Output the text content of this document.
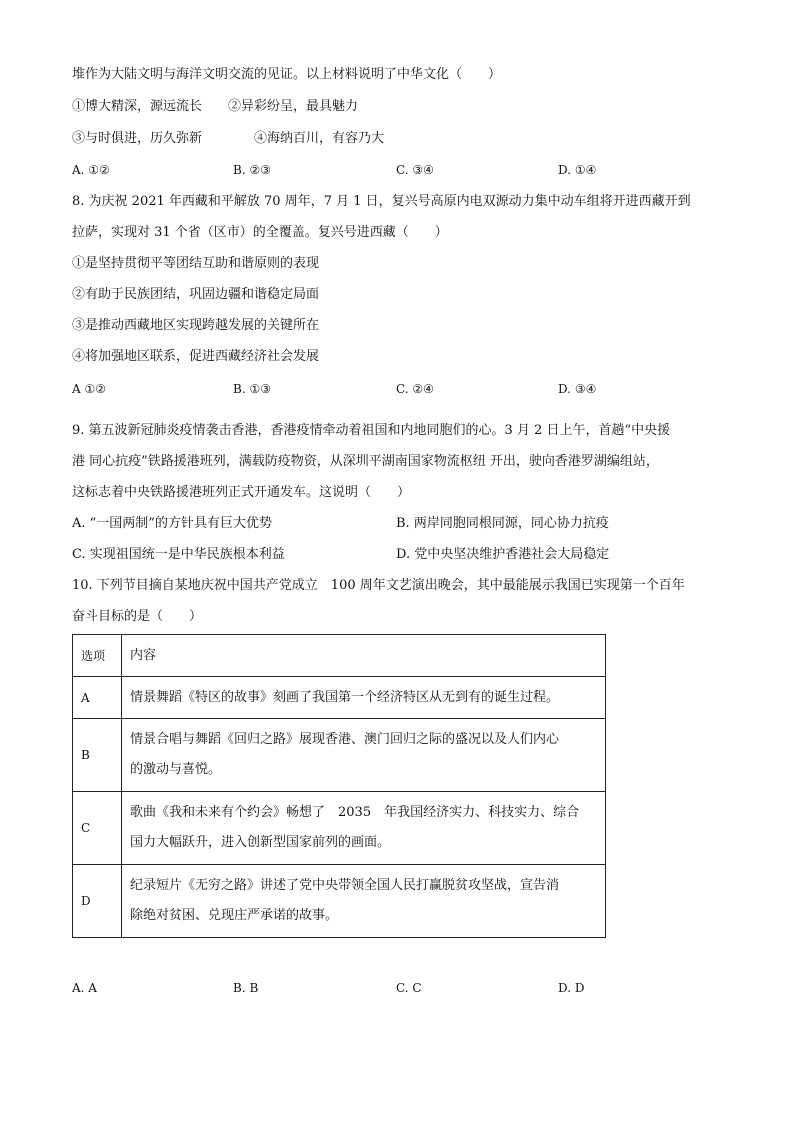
堆作为大陆文明与海洋文明交流的见证。以上材料说明了中华文化（　　）
①博大精深，源远流长　　②异彩纷呈，最具魅力
③与时俱进，历久弥新　　　　④海纳百川，有容乃大
A. ①②	B. ②③	C. ③④	D. ①④
8. 为庆祝 2021 年西藏和平解放 70 周年，7 月 1 日，复兴号高原内电双源动力集中动车组将开进西藏开到
拉萨，实现对 31 个省（区市）的全覆盖。复兴号进西藏（　　）
①是坚持贯彻平等团结互助和谐原则的表现
②有助于民族团结，巩固边疆和谐稳定局面
③是推动西藏地区实现跨越发展的关键所在
④将加强地区联系，促进西藏经济社会发展
A ①②	B. ①③	C. ②④	D. ③④
9. 第五波新冠肺炎疫情袭击香港，香港疫情牵动着祖国和内地同胞们的心。3 月 2 日上午，首趟“中央援
港 同心抗疫”铁路援港班列，满载防疫物资，从深圳平湖南国家物流枢纽 开出，驶向香港罗湖编组站，
这标志着中央铁路援港班列正式开通发车。这说明（　　）
A. “一国两制”的方针具有巨大优势	B. 两岸同胞同根同源，同心协力抗疫
C. 实现祖国统一是中华民族根本利益	D. 党中央坚决维护香港社会大局稳定
10. 下列节目摘自某地庆祝中国共产党成立　100 周年文艺演出晚会，其中最能展示我国已实现第一个百年
奋斗目标的是（　　）
选项	内容
A	情景舞蹈《特区的故事》刻画了我国第一个经济特区从无到有的诞生过程。
B	情景合唱与舞蹈《回归之路》展现香港、澳门回归之际的盛况以及人们内心
的激动与喜悦。

C	歌曲《我和未来有个约会》畅想了　2035　年我国经济实力、科技实力、综合
国力大幅跃升，进入创新型国家前列的画面。

D	纪录短片《无穷之路》讲述了党中央带领全国人民打赢脱贫攻坚战，宣告消
除绝对贫困、兑现庄严承诺的故事。
A. A	B. B	C. C	D. D
